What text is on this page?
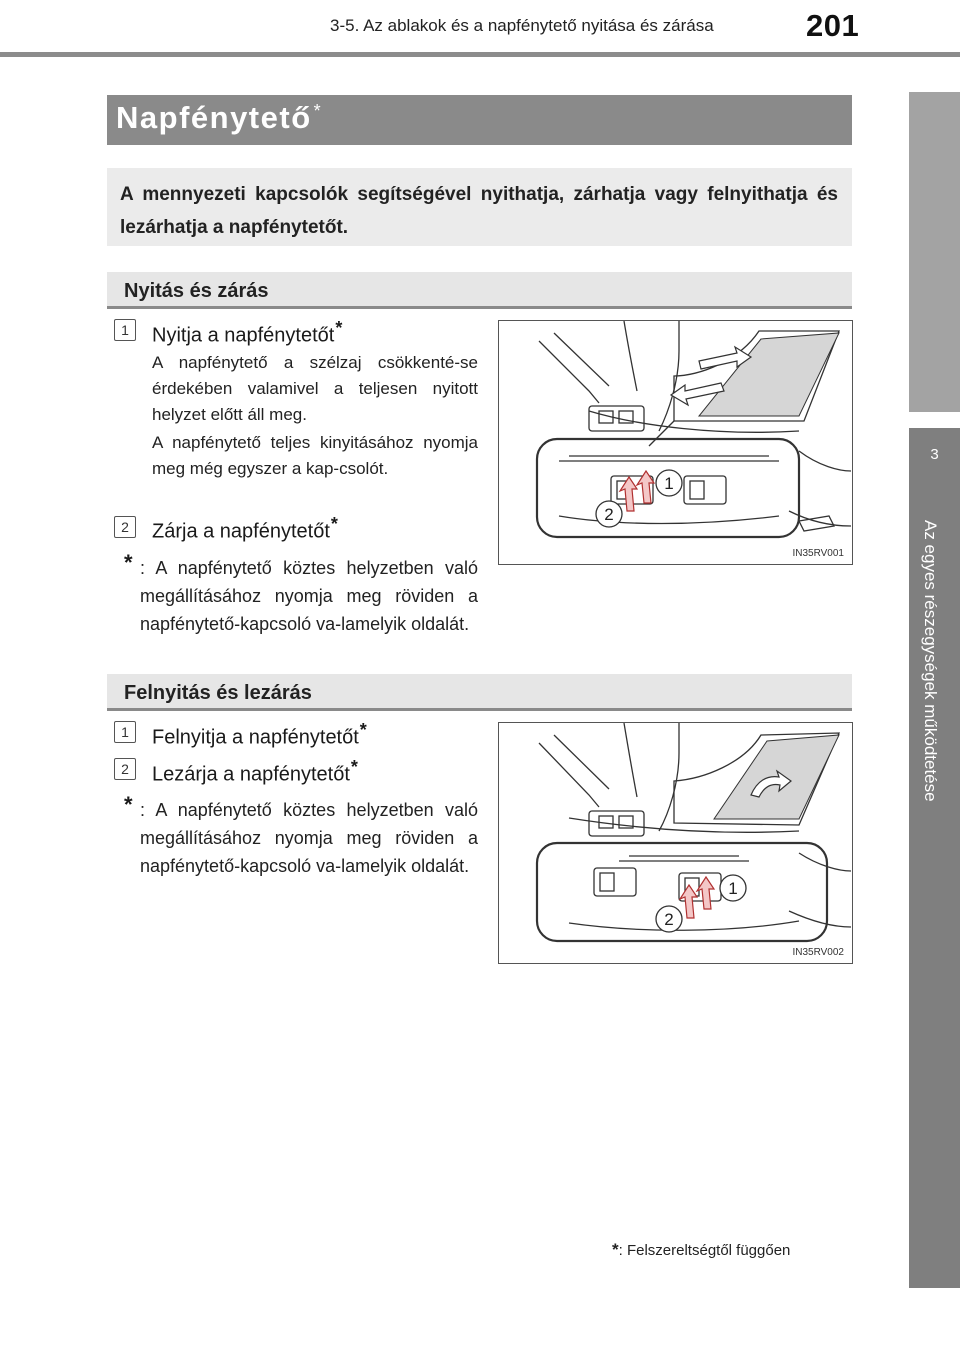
3-5. Az ablakok és a napfénytető nyitása és zárása	201
3
Az egyes részegységek működtetése
Napfénytető *
A mennyezeti kapcsolók segítségével nyithatja, zárhatja vagy felnyithatja és lezárhatja a napfénytetőt.
Nyitás és zárás
1	Nyitja a napfénytetőt*
A napfénytető a szélzaj csökkenté-se érdekében valamivel a teljesen nyitott helyzet előtt áll meg.
A napfénytető teljes kinyitásához nyomja meg még egyszer a kap-csolót.
2	Zárja a napfénytetőt*
* : A napfénytető köztes helyzetben való megállításához nyomja meg röviden a napfénytető-kapcsoló va-lamelyik oldalát.
1
2
IN35RV001
Felnyitás és lezárás
1	Felnyitja a napfénytetőt*
2	Lezárja a napfénytetőt*
* : A napfénytető köztes helyzetben való megállításához nyomja meg röviden a napfénytető-kapcsoló va-lamelyik oldalát.
1
2
IN35RV002
*: Felszereltségtől függően
